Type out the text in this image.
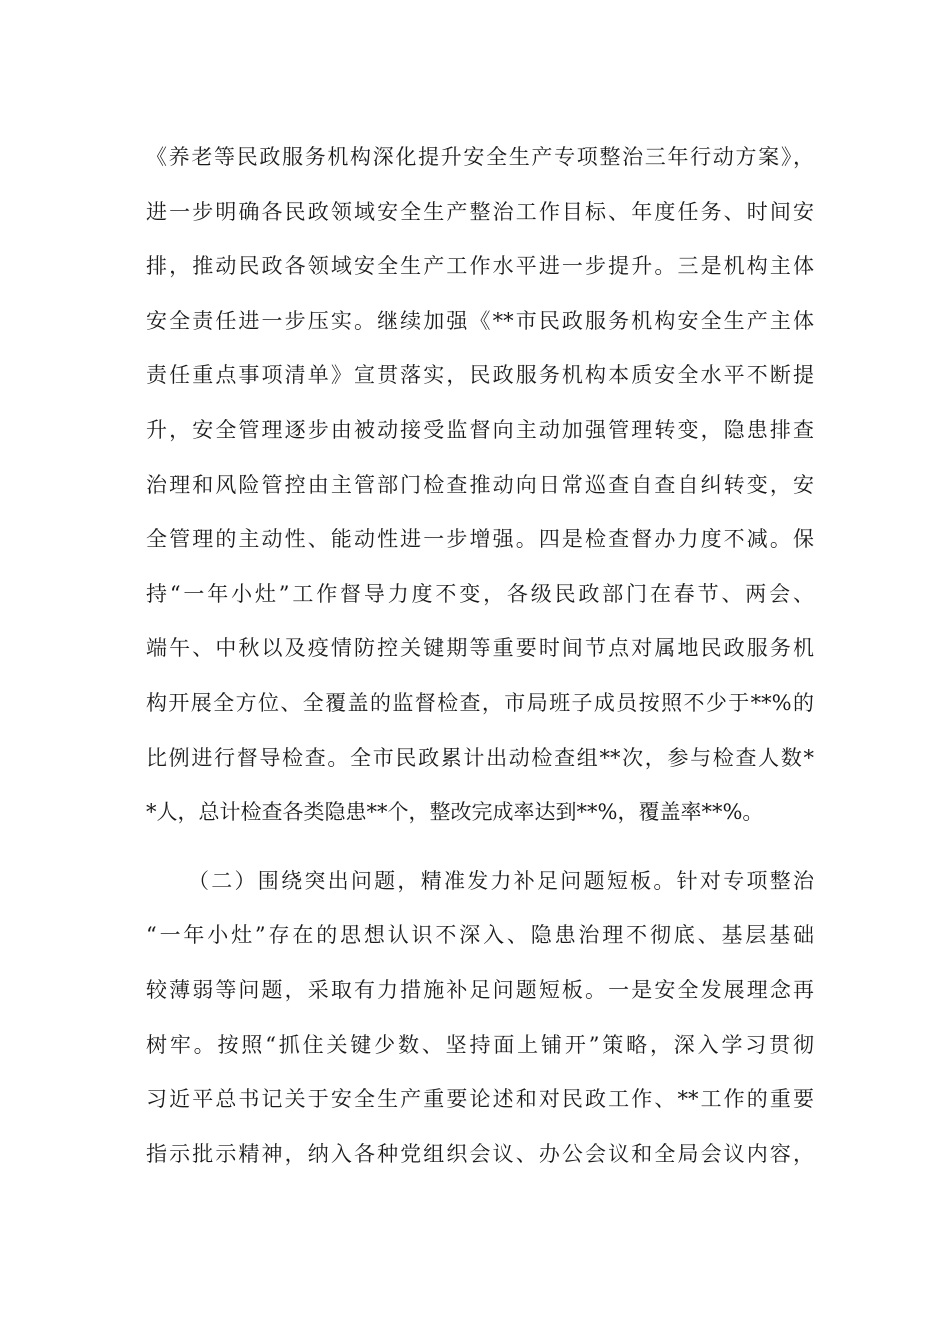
《养老等民政服务机构深化提升安全生产专项整治三年行动方案》，
进一步明确各民政领域安全生产整治工作目标、年度任务、时间安
排，推动民政各领域安全生产工作水平进一步提升。三是机构主体
安全责任进一步压实。继续加强《**市民政服务机构安全生产主体
责任重点事项清单》宣贯落实，民政服务机构本质安全水平不断提
升，安全管理逐步由被动接受监督向主动加强管理转变，隐患排查
治理和风险管控由主管部门检查推动向日常巡查自查自纠转变，安
全管理的主动性、能动性进一步增强。四是检查督办力度不减。保
持“一年小灶”工作督导力度不变，各级民政部门在春节、两会、
端午、中秋以及疫情防控关键期等重要时间节点对属地民政服务机
构开展全方位、全覆盖的监督检查，市局班子成员按照不少于**%的
比例进行督导检查。全市民政累计出动检查组**次，参与检查人数*
*人，总计检查各类隐患**个，整改完成率达到**%，覆盖率**%。
（二）围绕突出问题，精准发力补足问题短板。针对专项整治
“一年小灶”存在的思想认识不深入、隐患治理不彻底、基层基础
较薄弱等问题，采取有力措施补足问题短板。一是安全发展理念再
树牢。按照“抓住关键少数、坚持面上铺开”策略，深入学习贯彻
习近平总书记关于安全生产重要论述和对民政工作、**工作的重要
指示批示精神，纳入各种党组织会议、办公会议和全局会议内容，
